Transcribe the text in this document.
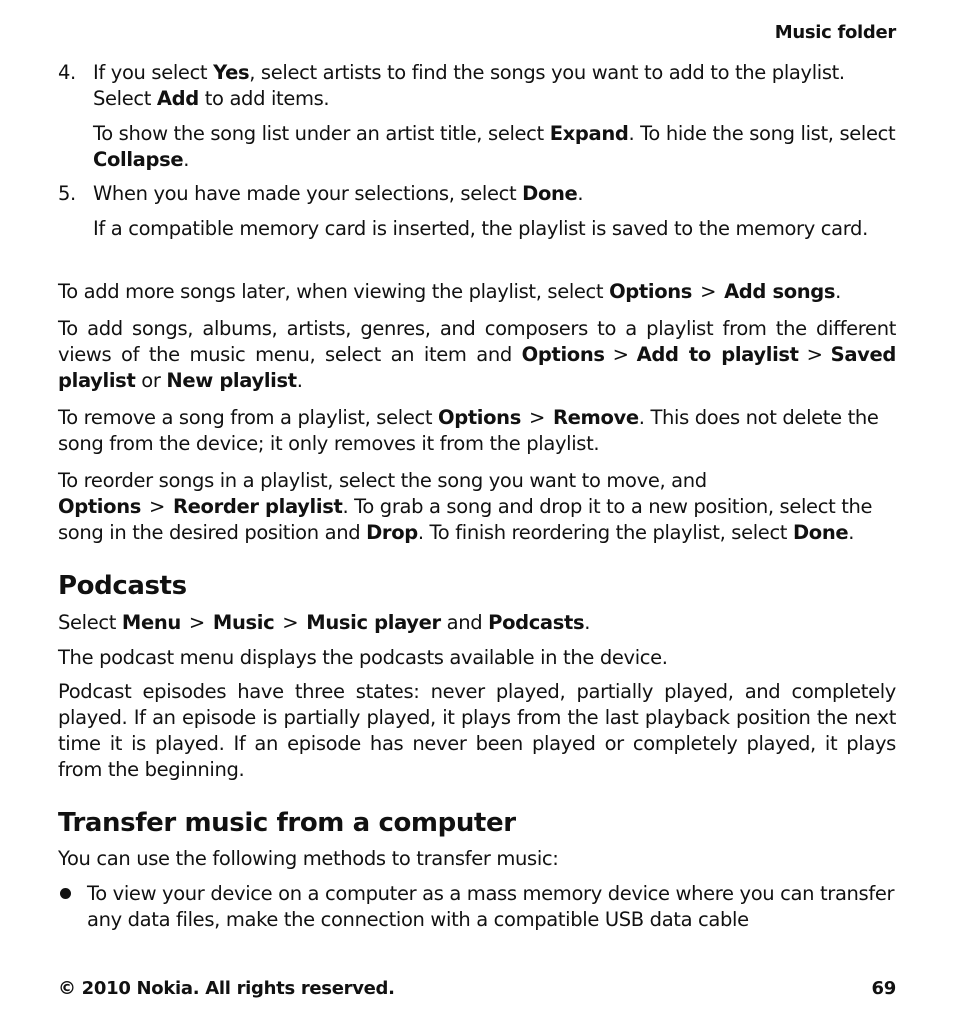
Music folder
4. If you select Yes, select artists to find the songs you want to add to the playlist. Select Add to add items.

To show the song list under an artist title, select Expand. To hide the song list, select Collapse.

5. When you have made your selections, select Done.

If a compatible memory card is inserted, the playlist is saved to the memory card.

To add more songs later, when viewing the playlist, select Options > Add songs.

To add songs, albums, artists, genres, and composers to a playlist from the different views of the music menu, select an item and Options > Add to playlist > Saved playlist or New playlist.

To remove a song from a playlist, select Options > Remove. This does not delete the song from the device; it only removes it from the playlist.

To reorder songs in a playlist, select the song you want to move, and Options > Reorder playlist. To grab a song and drop it to a new position, select the song in the desired position and Drop. To finish reordering the playlist, select Done.

Podcasts

Select Menu > Music > Music player and Podcasts.

The podcast menu displays the podcasts available in the device.

Podcast episodes have three states: never played, partially played, and completely played. If an episode is partially played, it plays from the last playback position the next time it is played. If an episode has never been played or completely played, it plays from the beginning.

Transfer music from a computer

You can use the following methods to transfer music:

To view your device on a computer as a mass memory device where you can transfer any data files, make the connection with a compatible USB data cable

© 2010 Nokia. All rights reserved.	69
